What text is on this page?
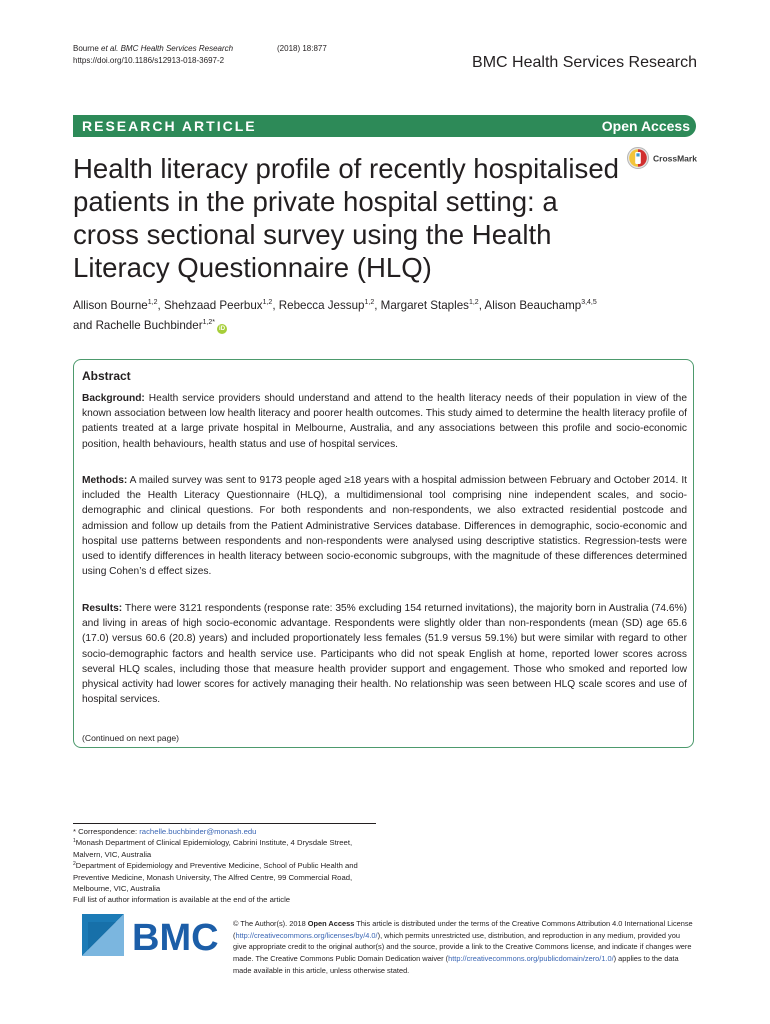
Bourne et al. BMC Health Services Research	(2018) 18:877
https://doi.org/10.1186/s12913-018-3697-2	BMC Health Services Research
RESEARCH ARTICLE	Open Access
CrossMark
Health literacy profile of recently hospitalised patients in the private hospital setting: a cross sectional survey using the Health Literacy Questionnaire (HLQ)
Allison Bourne$^{1,2}$, Shehzaad Peerbux$^{1,2}$, Rebecca Jessup$^{1,2}$, Margaret Staples$^{1,2}$, Alison Beauchamp$^{3,4,5}$
and Rachelle Buchbinder$^{1,2*}$iD
Abstract
Background: Health service providers should understand and attend to the health literacy needs of their population in view of the known association between low health literacy and poorer health outcomes. This study aimed to determine the health literacy profile of patients treated at a large private hospital in Melbourne, Australia, and any associations between this profile and socio-economic position, health behaviours, health status and use of hospital services.
Methods: A mailed survey was sent to 9173 people aged ≥18 years with a hospital admission between February and October 2014. It included the Health Literacy Questionnaire (HLQ), a multidimensional tool comprising nine independent scales, and socio-demographic and clinical questions. For both respondents and non-respondents, we also extracted residential postcode and admission and follow up details from the Patient Administrative Services database. Differences in demographic, socio-economic and hospital use patterns between respondents and non-respondents were analysed using descriptive statistics. Regression-tests were used to identify differences in health literacy between socio-economic subgroups, with the magnitude of these differences determined using Cohen’s d effect sizes.
Results: There were 3121 respondents (response rate: 35% excluding 154 returned invitations), the majority born in Australia (74.6%) and living in areas of high socio-economic advantage. Respondents were slightly older than non-respondents (mean (SD) age 65.6 (17.0) versus 60.6 (20.8) years) and included proportionately less females (51.9 versus 59.1%) but were similar with regard to other socio-demographic factors and health service use. Participants who did not speak English at home, reported lower scores across several HLQ scales, including those that measure health provider support and engagement. Those who smoked and reported low physical activity had lower scores for actively managing their health. No relationship was seen between HLQ scale scores and use of hospital services.
(Continued on next page)
* Correspondence: rachelle.buchbinder@monash.edu
$^1$Monash Department of Clinical Epidemiology, Cabrini Institute, 4 Drysdale Street, Malvern, VIC, Australia
$^2$Department of Epidemiology and Preventive Medicine, School of Public Health and Preventive Medicine, Monash University, The Alfred Centre, 99 Commercial Road, Melbourne, VIC, Australia
Full list of author information is available at the end of the article
BMC © The Author(s). 2018 Open Access This article is distributed under the terms of the Creative Commons Attribution 4.0 International License (http://creativecommons.org/licenses/by/4.0/), which permits unrestricted use, distribution, and reproduction in any medium, provided you give appropriate credit to the original author(s) and the source, provide a link to the Creative Commons license, and indicate if changes were made. The Creative Commons Public Domain Dedication waiver (http://creativecommons.org/publicdomain/zero/1.0/) applies to the data made available in this article, unless otherwise stated.
